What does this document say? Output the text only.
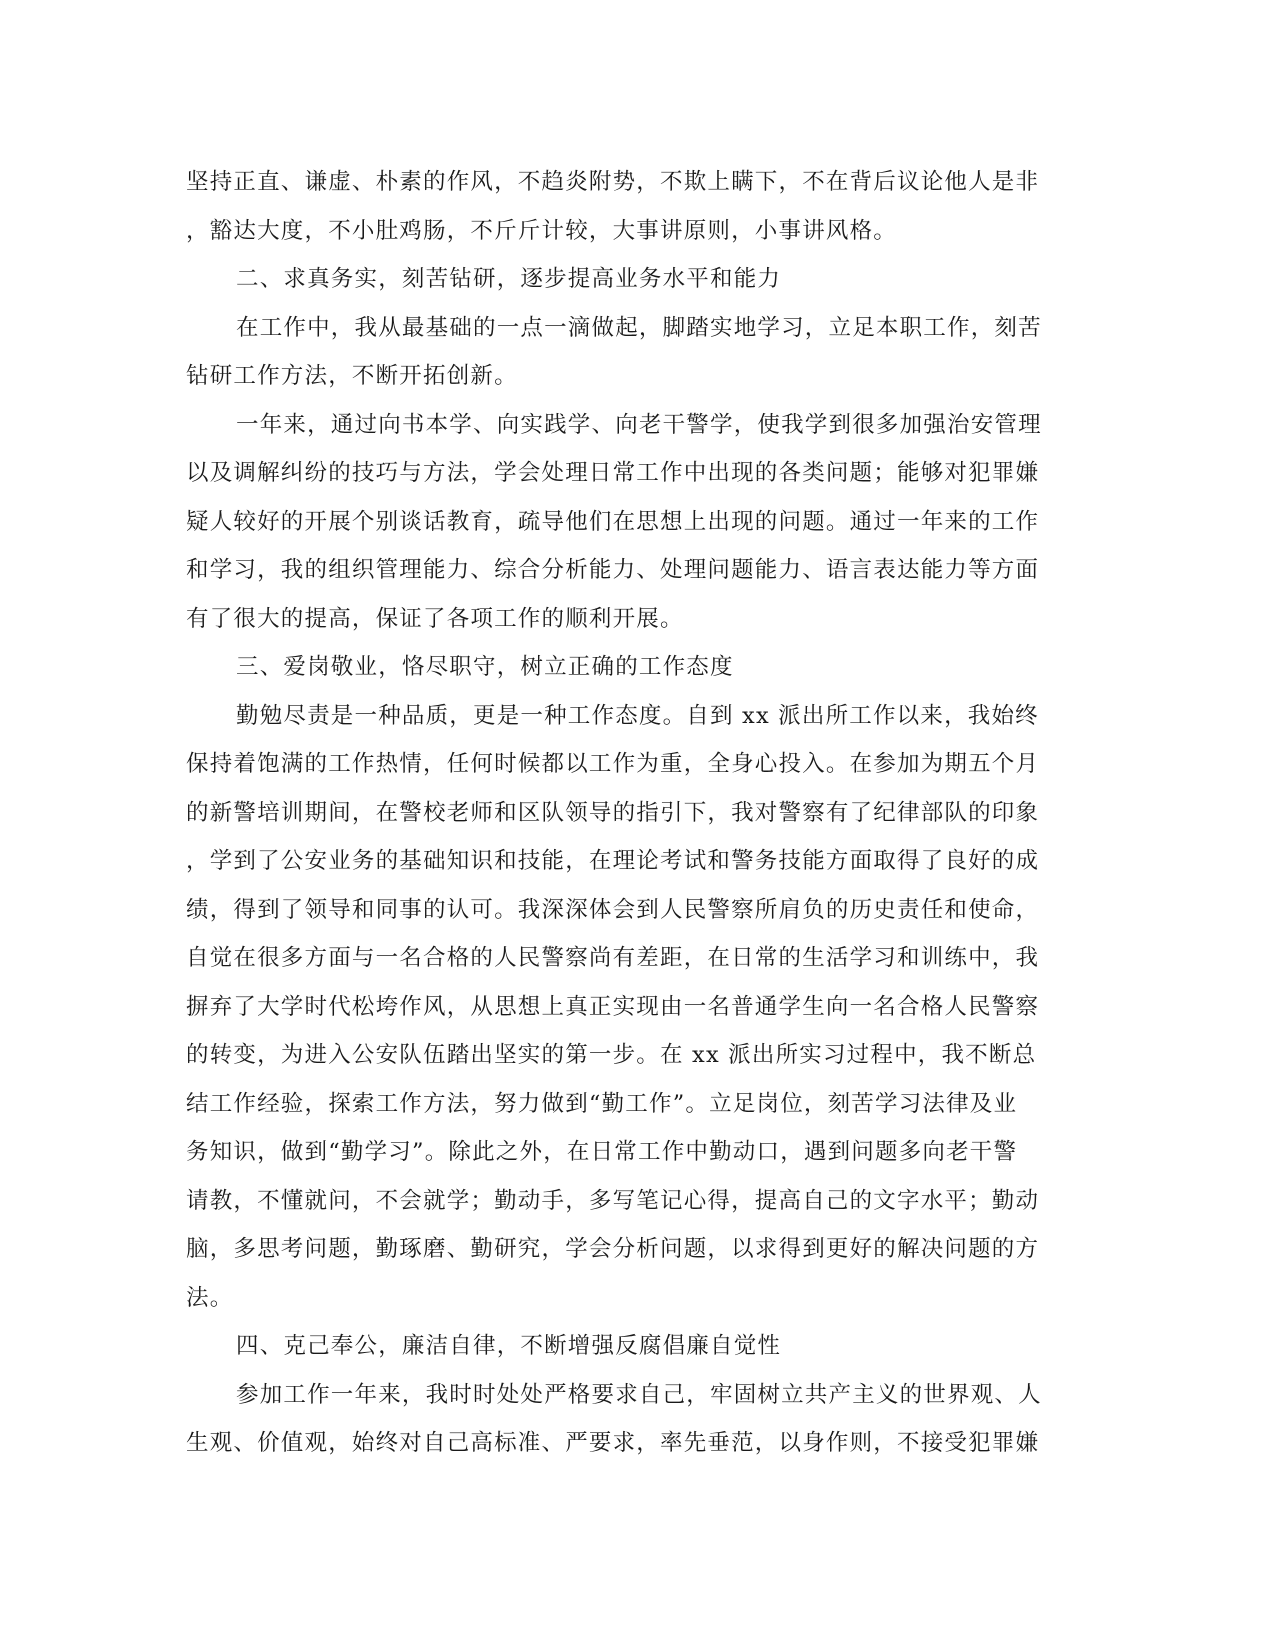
坚持正直、谦虚、朴素的作风，不趋炎附势，不欺上瞒下，不在背后议论他人是非
，豁达大度，不小肚鸡肠，不斤斤计较，大事讲原则，小事讲风格。
二、求真务实，刻苦钻研，逐步提高业务水平和能力
在工作中，我从最基础的一点一滴做起，脚踏实地学习，立足本职工作，刻苦
钻研工作方法，不断开拓创新。
一年来，通过向书本学、向实践学、向老干警学，使我学到很多加强治安管理
以及调解纠纷的技巧与方法，学会处理日常工作中出现的各类问题；能够对犯罪嫌
疑人较好的开展个别谈话教育，疏导他们在思想上出现的问题。通过一年来的工作
和学习，我的组织管理能力、综合分析能力、处理问题能力、语言表达能力等方面
有了很大的提高，保证了各项工作的顺利开展。
三、爱岗敬业，恪尽职守，树立正确的工作态度
勤勉尽责是一种品质，更是一种工作态度。自到 xx 派出所工作以来，我始终
保持着饱满的工作热情，任何时候都以工作为重，全身心投入。在参加为期五个月
的新警培训期间，在警校老师和区队领导的指引下，我对警察有了纪律部队的印象
，学到了公安业务的基础知识和技能，在理论考试和警务技能方面取得了良好的成
绩，得到了领导和同事的认可。我深深体会到人民警察所肩负的历史责任和使命，
自觉在很多方面与一名合格的人民警察尚有差距，在日常的生活学习和训练中，我
摒弃了大学时代松垮作风，从思想上真正实现由一名普通学生向一名合格人民警察
的转变，为进入公安队伍踏出坚实的第一步。在 xx 派出所实习过程中，我不断总
结工作经验，探索工作方法，努力做到“勤工作”。立足岗位，刻苦学习法律及业
务知识，做到“勤学习”。除此之外，在日常工作中勤动口，遇到问题多向老干警
请教，不懂就问，不会就学；勤动手，多写笔记心得，提高自己的文字水平；勤动
脑，多思考问题，勤琢磨、勤研究，学会分析问题，以求得到更好的解决问题的方
法。
四、克己奉公，廉洁自律，不断增强反腐倡廉自觉性
参加工作一年来，我时时处处严格要求自己，牢固树立共产主义的世界观、人
生观、价值观，始终对自己高标准、严要求，率先垂范，以身作则，不接受犯罪嫌
